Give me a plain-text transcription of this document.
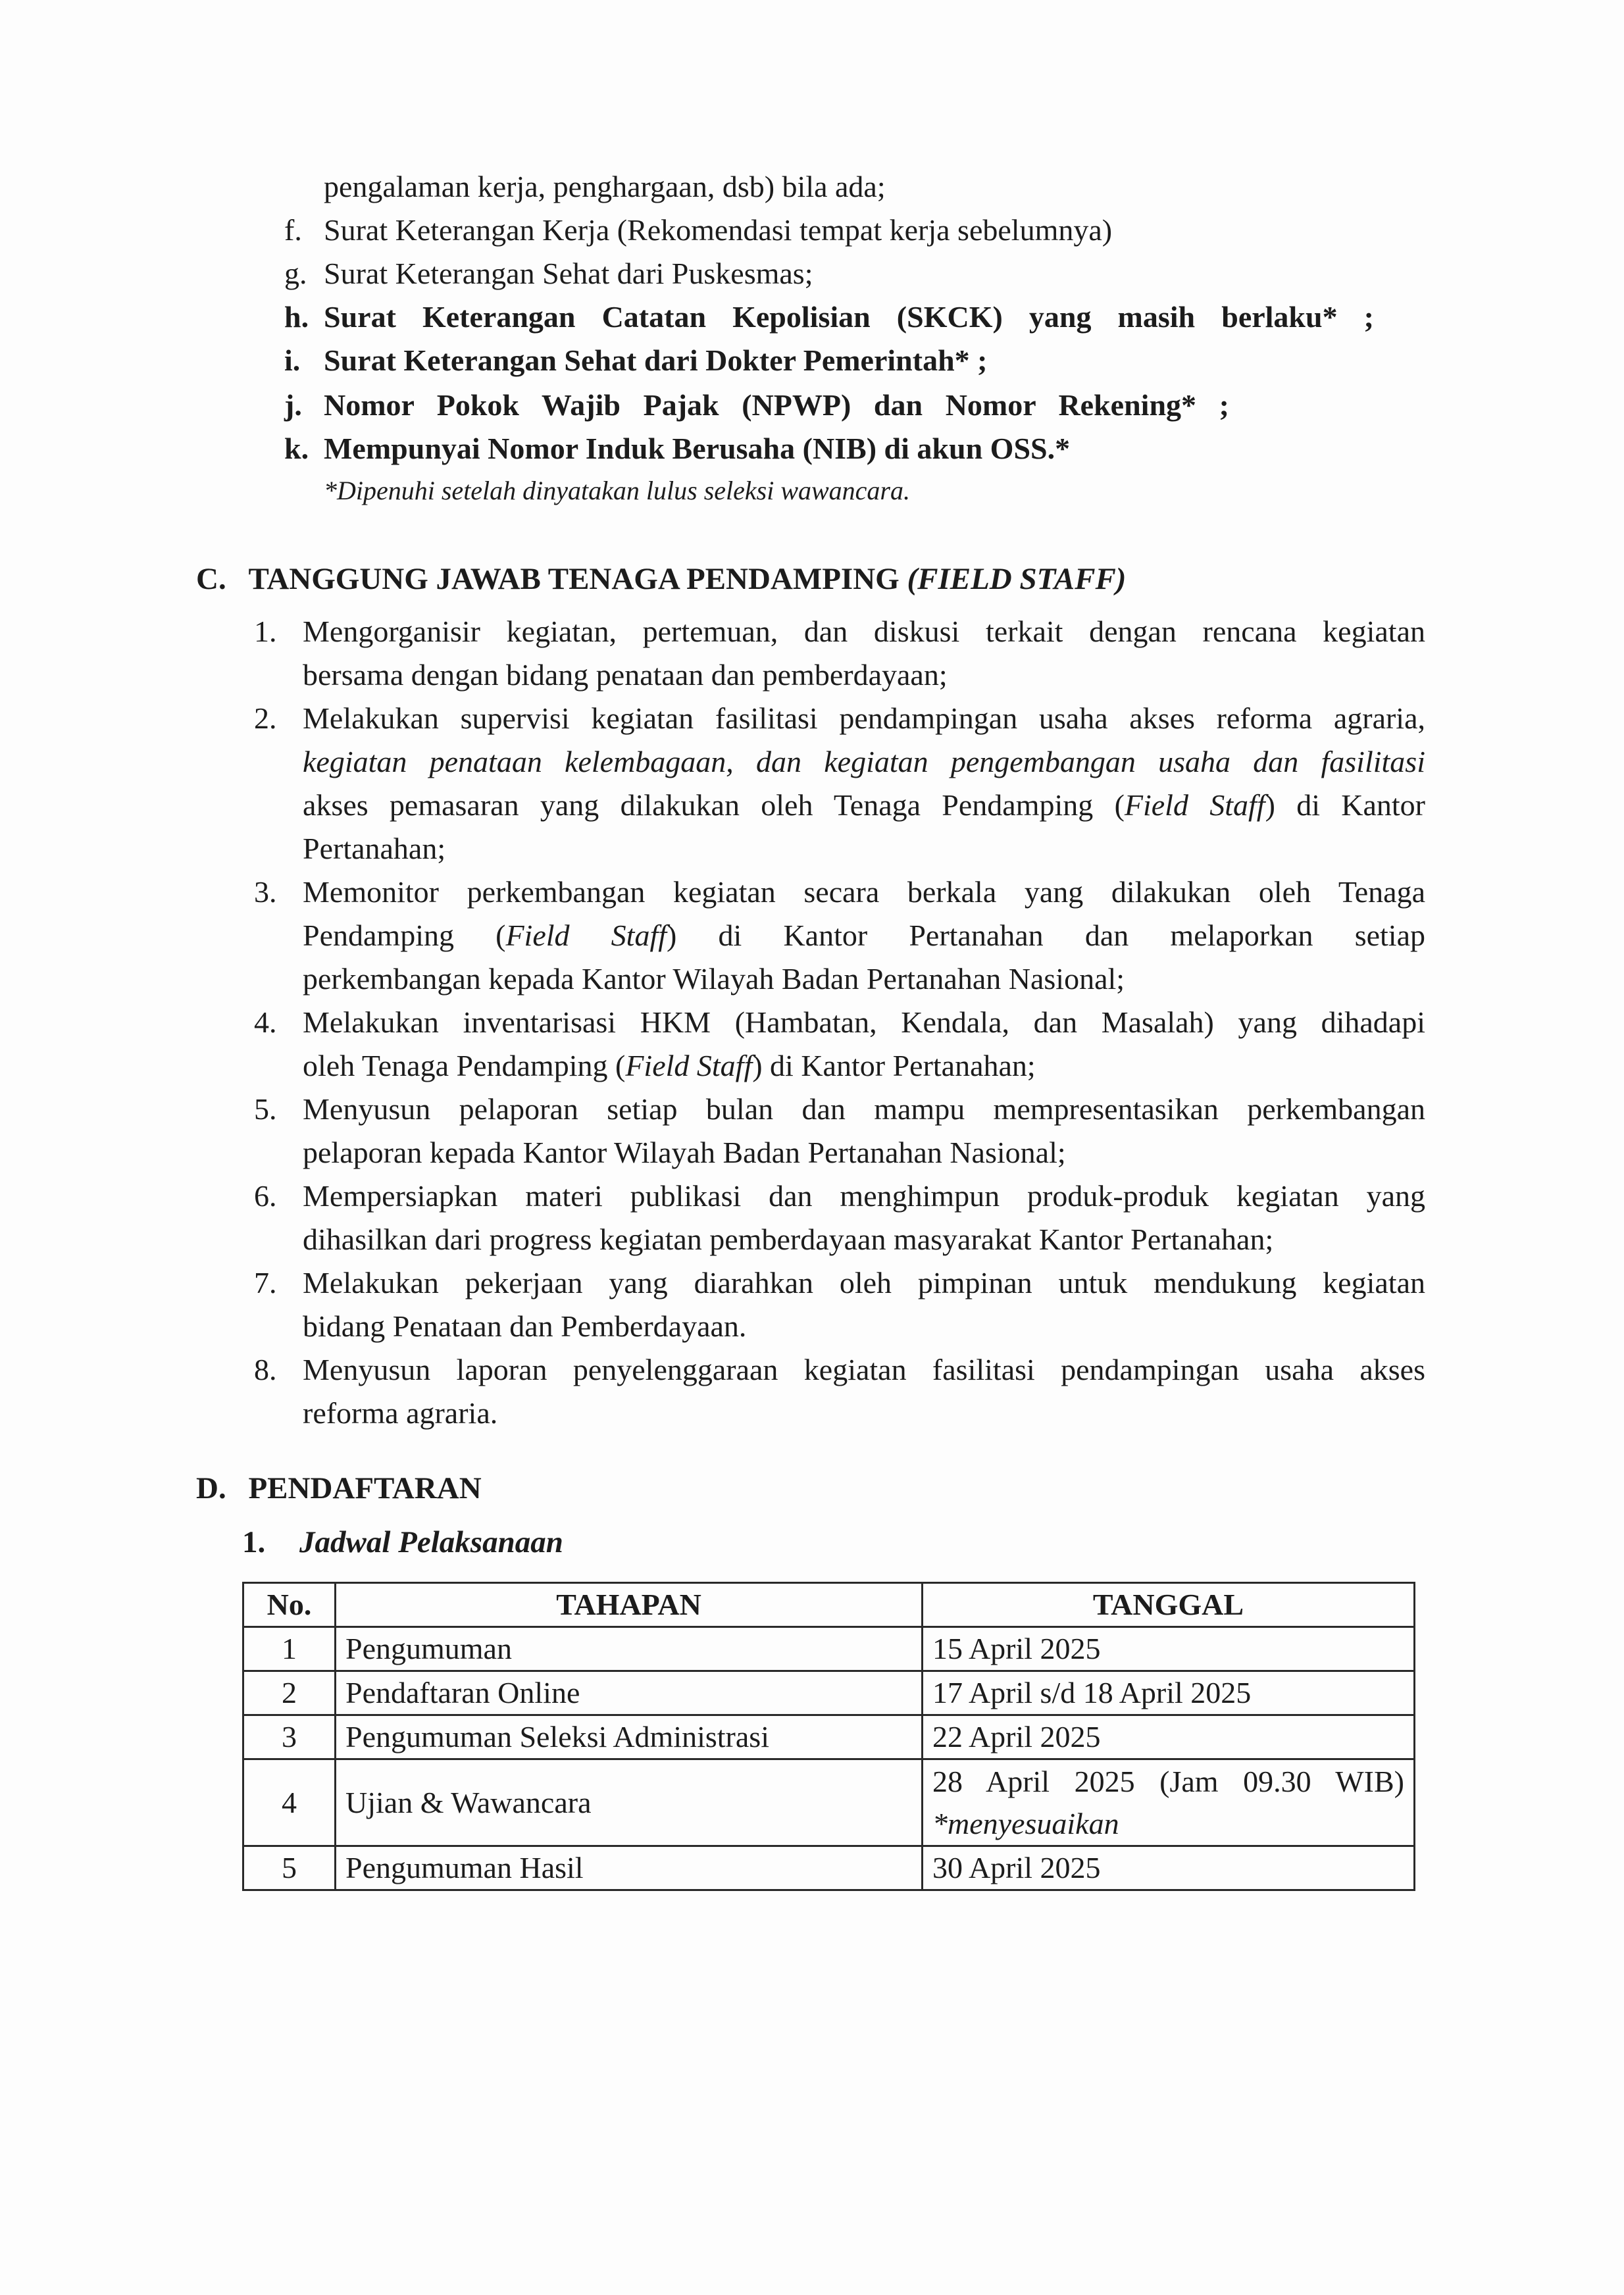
pengalaman kerja, penghargaan, dsb) bila ada;
f. Surat Keterangan Kerja (Rekomendasi tempat kerja sebelumnya)
g. Surat Keterangan Sehat dari Puskesmas;
h. Surat Keterangan Catatan Kepolisian (SKCK) yang masih berlaku* ;
i. Surat Keterangan Sehat dari Dokter Pemerintah* ;
j. Nomor Pokok Wajib Pajak (NPWP) dan Nomor Rekening* ;
k. Mempunyai Nomor Induk Berusaha (NIB) di akun OSS.*
*Dipenuhi setelah dinyatakan lulus seleksi wawancara.
C. TANGGUNG JAWAB TENAGA PENDAMPING (FIELD STAFF)
1. Mengorganisir kegiatan, pertemuan, dan diskusi terkait dengan rencana kegiatan
bersama dengan bidang penataan dan pemberdayaan;
2. Melakukan supervisi kegiatan fasilitasi pendampingan usaha akses reforma agraria,
kegiatan penataan kelembagaan, dan kegiatan pengembangan usaha dan fasilitasi
akses pemasaran yang dilakukan oleh Tenaga Pendamping (Field Staff) di Kantor
Pertanahan;
3. Memonitor perkembangan kegiatan secara berkala yang dilakukan oleh Tenaga
Pendamping (Field Staff) di Kantor Pertanahan dan melaporkan setiap
perkembangan kepada Kantor Wilayah Badan Pertanahan Nasional;
4. Melakukan inventarisasi HKM (Hambatan, Kendala, dan Masalah) yang dihadapi
oleh Tenaga Pendamping (Field Staff) di Kantor Pertanahan;
5. Menyusun pelaporan setiap bulan dan mampu mempresentasikan perkembangan
pelaporan kepada Kantor Wilayah Badan Pertanahan Nasional;
6. Mempersiapkan materi publikasi dan menghimpun produk-produk kegiatan yang
dihasilkan dari progress kegiatan pemberdayaan masyarakat Kantor Pertanahan;
7. Melakukan pekerjaan yang diarahkan oleh pimpinan untuk mendukung kegiatan
bidang Penataan dan Pemberdayaan.
8. Menyusun laporan penyelenggaraan kegiatan fasilitasi pendampingan usaha akses
reforma agraria.
D. PENDAFTARAN
1. Jadwal Pelaksanaan
No.	TAHAPAN	TANGGAL
1	Pengumuman	15 April 2025
2	Pendaftaran Online	17 April s/d 18 April 2025
3	Pengumuman Seleksi Administrasi	22 April 2025
4	Ujian & Wawancara	28 April 2025 (Jam 09.30 WIB)
*menyesuaikan

5	Pengumuman Hasil	30 April 2025
